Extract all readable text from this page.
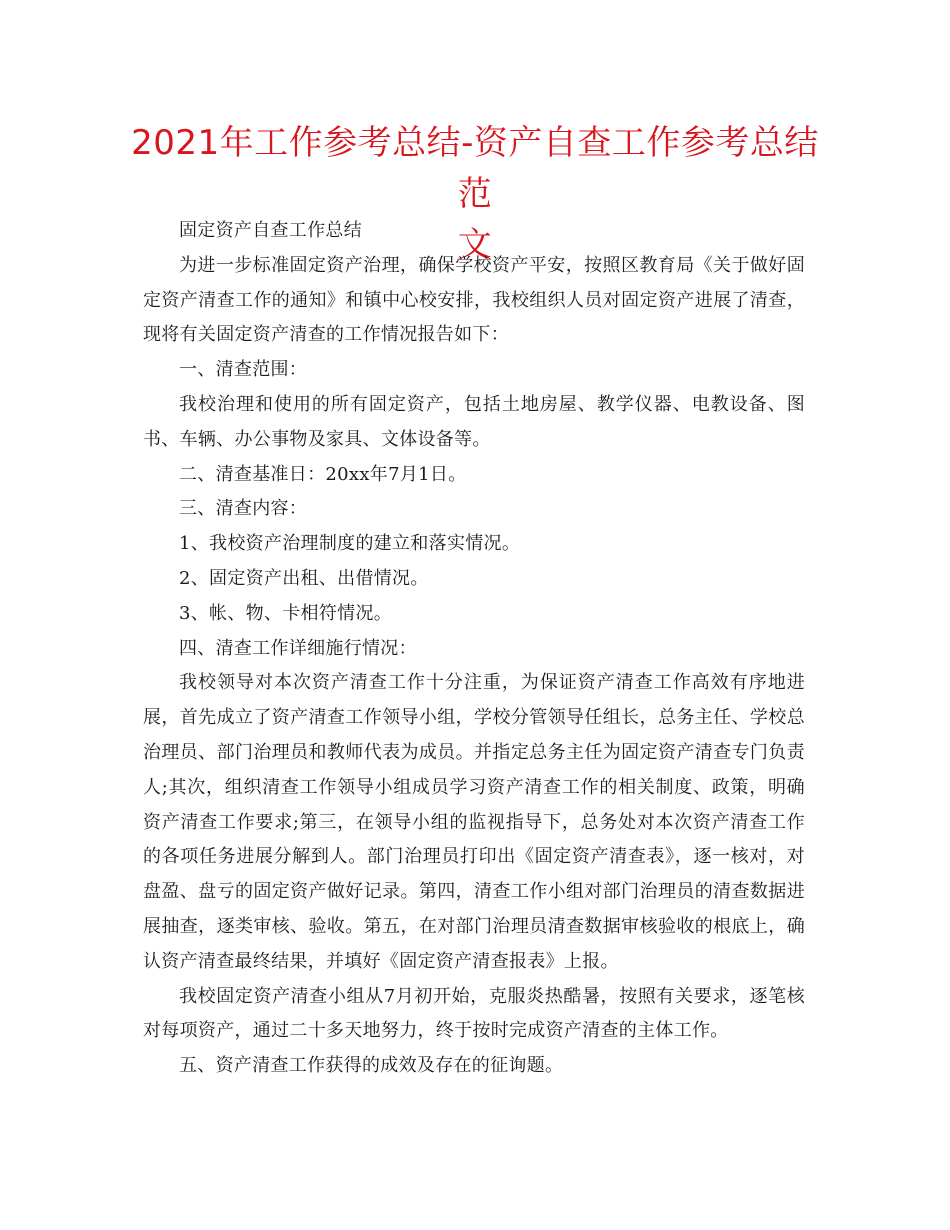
2021年工作参考总结-资产自查工作参考总结范
文

固定资产自查工作总结

为进一步标准固定资产治理，确保学校资产平安，按照区教育局《关于做好固定资产清查工作的通知》和镇中心校安排，我校组织人员对固定资产进展了清查，现将有关固定资产清查的工作情况报告如下：

一、清查范围：

我校治理和使用的所有固定资产，包括土地房屋、教学仪器、电教设备、图书、车辆、办公事物及家具、文体设备等。

二、清查基准日：20xx年7月1日。

三、清查内容：

1、我校资产治理制度的建立和落实情况。

2、固定资产出租、出借情况。

3、帐、物、卡相符情况。

四、清查工作详细施行情况：

我校领导对本次资产清查工作十分注重，为保证资产清查工作高效有序地进展，首先成立了资产清查工作领导小组，学校分管领导任组长，总务主任、学校总治理员、部门治理员和教师代表为成员。并指定总务主任为固定资产清查专门负责人;其次，组织清查工作领导小组成员学习资产清查工作的相关制度、政策，明确资产清查工作要求;第三，在领导小组的监视指导下，总务处对本次资产清查工作的各项任务进展分解到人。部门治理员打印出《固定资产清查表》，逐一核对，对盘盈、盘亏的固定资产做好记录。第四，清查工作小组对部门治理员的清查数据进展抽查，逐类审核、验收。第五，在对部门治理员清查数据审核验收的根底上，确认资产清查最终结果，并填好《固定资产清查报表》上报。

我校固定资产清查小组从7月初开始，克服炎热酷暑，按照有关要求，逐笔核对每项资产，通过二十多天地努力，终于按时完成资产清查的主体工作。

五、资产清查工作获得的成效及存在的征询题。
